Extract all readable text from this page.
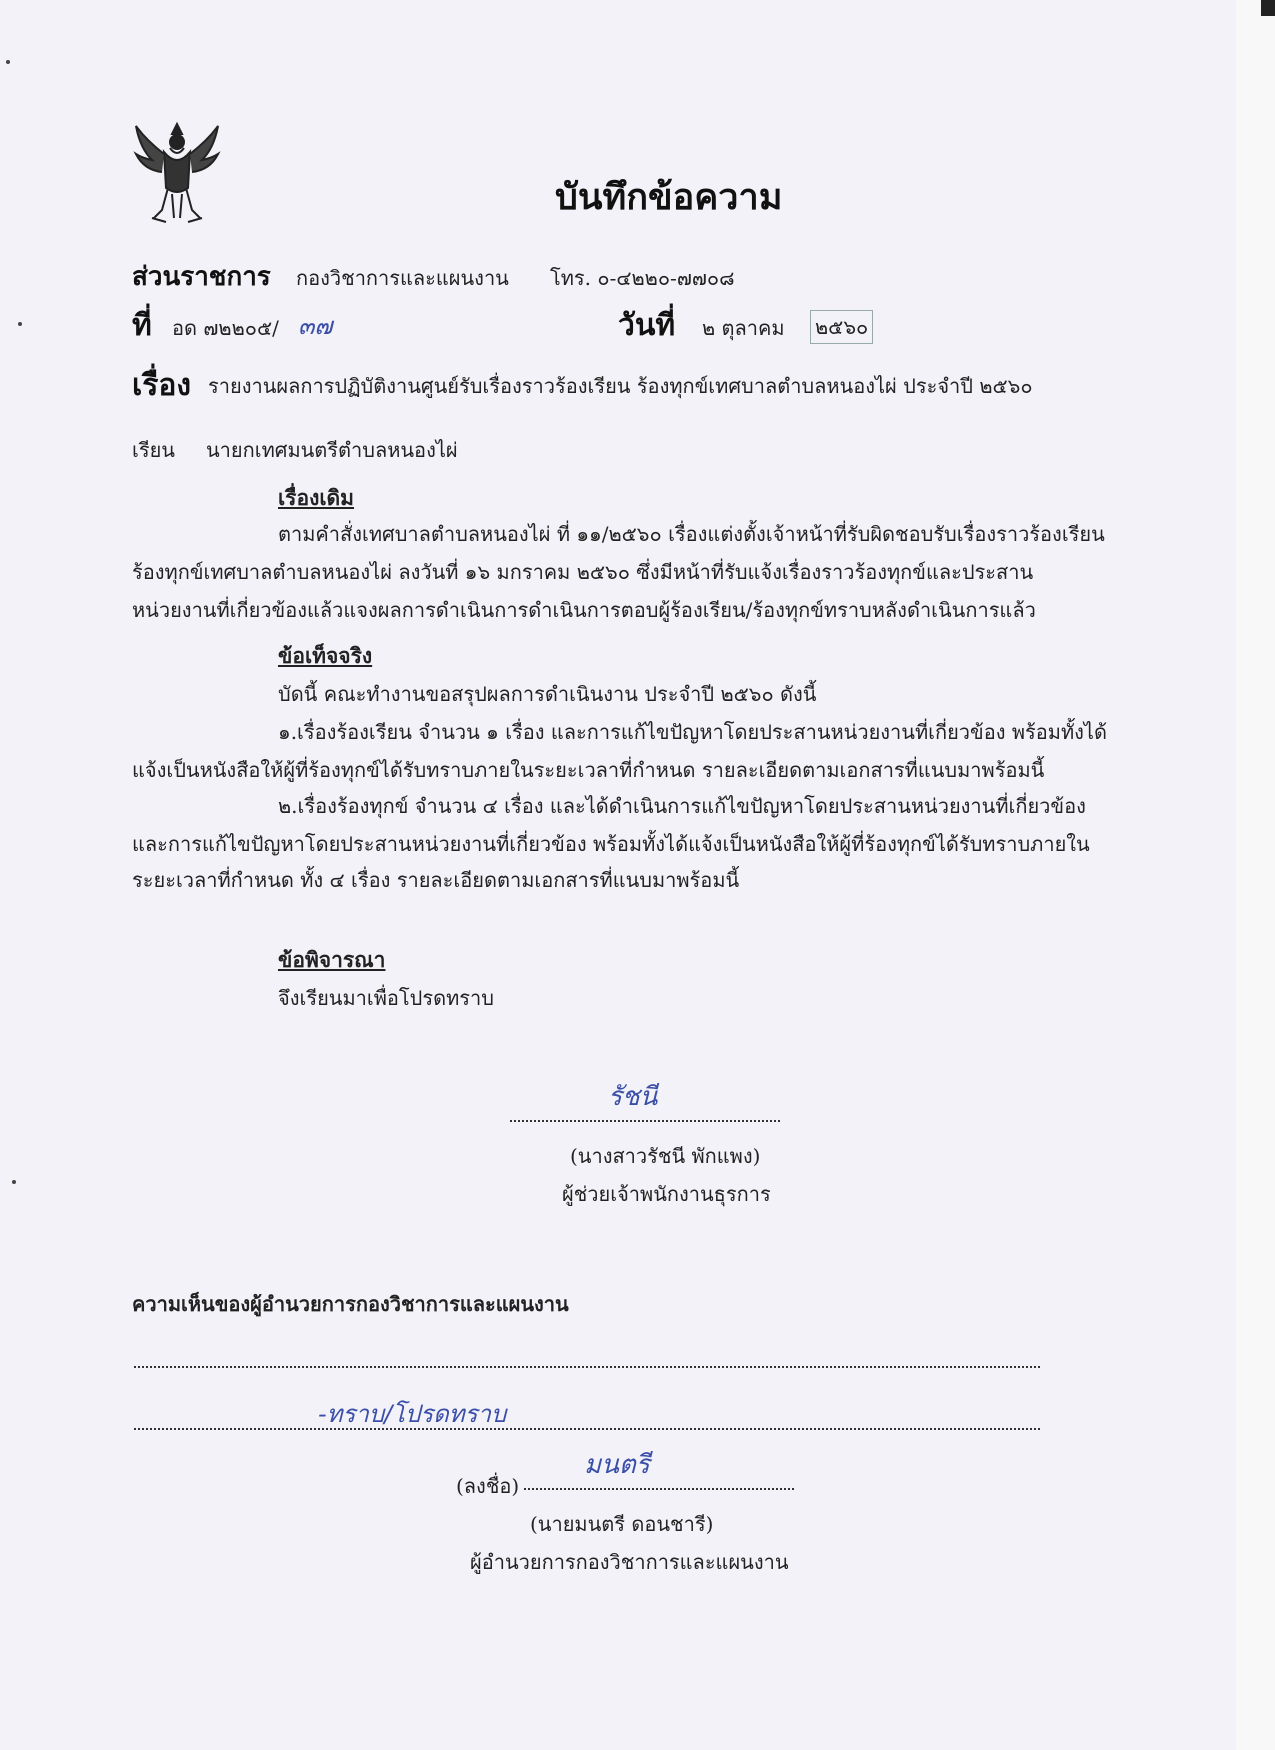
บันทึกข้อความ
ส่วนราชการ กองวิชาการและแผนงาน โทร. ๐-๔๒๒๐-๗๗๐๘
ที่ อด ๗๒๒๐๕/ ๓๗	วันที่ ๒ ตุลาคม ๒๕๖๐
เรื่อง รายงานผลการปฏิบัติงานศูนย์รับเรื่องราวร้องเรียน ร้องทุกข์เทศบาลตำบลหนองไผ่ ประจำปี ๒๕๖๐
เรียน นายกเทศมนตรีตำบลหนองไผ่
เรื่องเดิม
ตามคำสั่งเทศบาลตำบลหนองไผ่ ที่ ๑๑/๒๕๖๐ เรื่องแต่งตั้งเจ้าหน้าที่รับผิดชอบรับเรื่องราวร้องเรียน
ร้องทุกข์เทศบาลตำบลหนองไผ่ ลงวันที่ ๑๖ มกราคม ๒๕๖๐ ซึ่งมีหน้าที่รับแจ้งเรื่องราวร้องทุกข์และประสาน
หน่วยงานที่เกี่ยวข้องแล้วแจงผลการดำเนินการดำเนินการตอบผู้ร้องเรียน/ร้องทุกข์ทราบหลังดำเนินการแล้ว
ข้อเท็จจริง
บัดนี้ คณะทำงานขอสรุปผลการดำเนินงาน ประจำปี ๒๕๖๐ ดังนี้
๑.เรื่องร้องเรียน จำนวน ๑ เรื่อง และการแก้ไขปัญหาโดยประสานหน่วยงานที่เกี่ยวข้อง พร้อมทั้งได้
แจ้งเป็นหนังสือให้ผู้ที่ร้องทุกข์ได้รับทราบภายในระยะเวลาที่กำหนด รายละเอียดตามเอกสารที่แนบมาพร้อมนี้
๒.เรื่องร้องทุกข์ จำนวน ๔ เรื่อง และได้ดำเนินการแก้ไขปัญหาโดยประสานหน่วยงานที่เกี่ยวข้อง
และการแก้ไขปัญหาโดยประสานหน่วยงานที่เกี่ยวข้อง พร้อมทั้งได้แจ้งเป็นหนังสือให้ผู้ที่ร้องทุกข์ได้รับทราบภายใน
ระยะเวลาที่กำหนด ทั้ง ๔ เรื่อง รายละเอียดตามเอกสารที่แนบมาพร้อมนี้
ข้อพิจารณา
จึงเรียนมาเพื่อโปรดทราบ
รัชนี
(นางสาวรัชนี พักแพง)
ผู้ช่วยเจ้าพนักงานธุรการ
ความเห็นของผู้อำนวยการกองวิชาการและแผนงาน
-ทราบ/โปรดทราบ
(ลงชื่อ)
มนตรี
(นายมนตรี ดอนชารี)
ผู้อำนวยการกองวิชาการและแผนงาน
